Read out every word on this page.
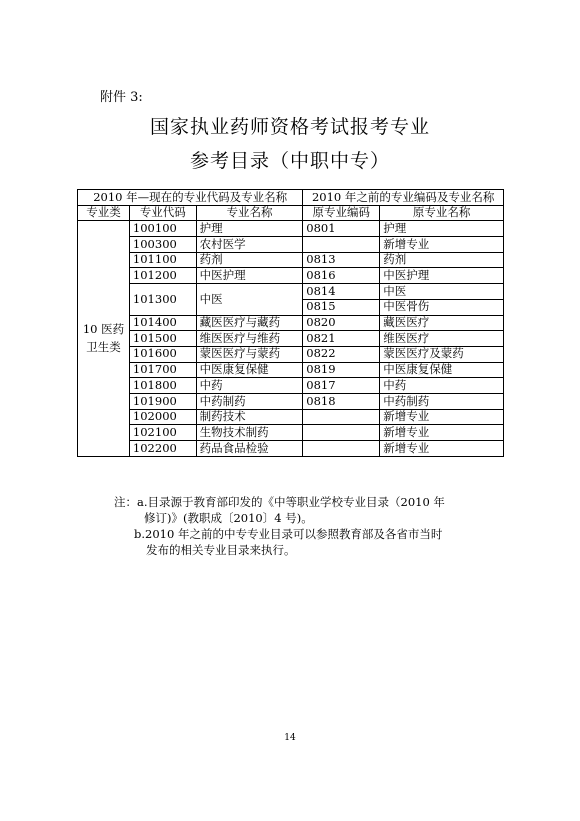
附件 3:
国家执业药师资格考试报考专业
参考目录（中职中专）
2010 年—现在的专业代码及专业名称			2010 年之前的专业编码及专业名称	
专业类	专业代码	专业名称	原专业编码	原专业名称

10 医药
卫生类	100100	护理	0801	护理
	100300	农村医学		新增专业
	101100	药剂	0813	药剂
	101200	中医护理	0816	中医护理
	101300	中医	0814	中医
			0815	中医骨伤
	101400	藏医医疗与藏药	0820	藏医医疗
	101500	维医医疗与维药	0821	维医医疗
	101600	蒙医医疗与蒙药	0822	蒙医医疗及蒙药
	101700	中医康复保健	0819	中医康复保健
	101800	中药	0817	中药
	101900	中药制药	0818	中药制药
	102000	制药技术		新增专业
	102100	生物技术制药		新增专业
	102200	药品食品检验		新增专业
注：a.目录源于教育部印发的《中等职业学校专业目录（2010 年
修订)》(教职成〔2010〕4 号)。
b.2010 年之前的中专专业目录可以参照教育部及各省市当时
发布的相关专业目录来执行。
14
